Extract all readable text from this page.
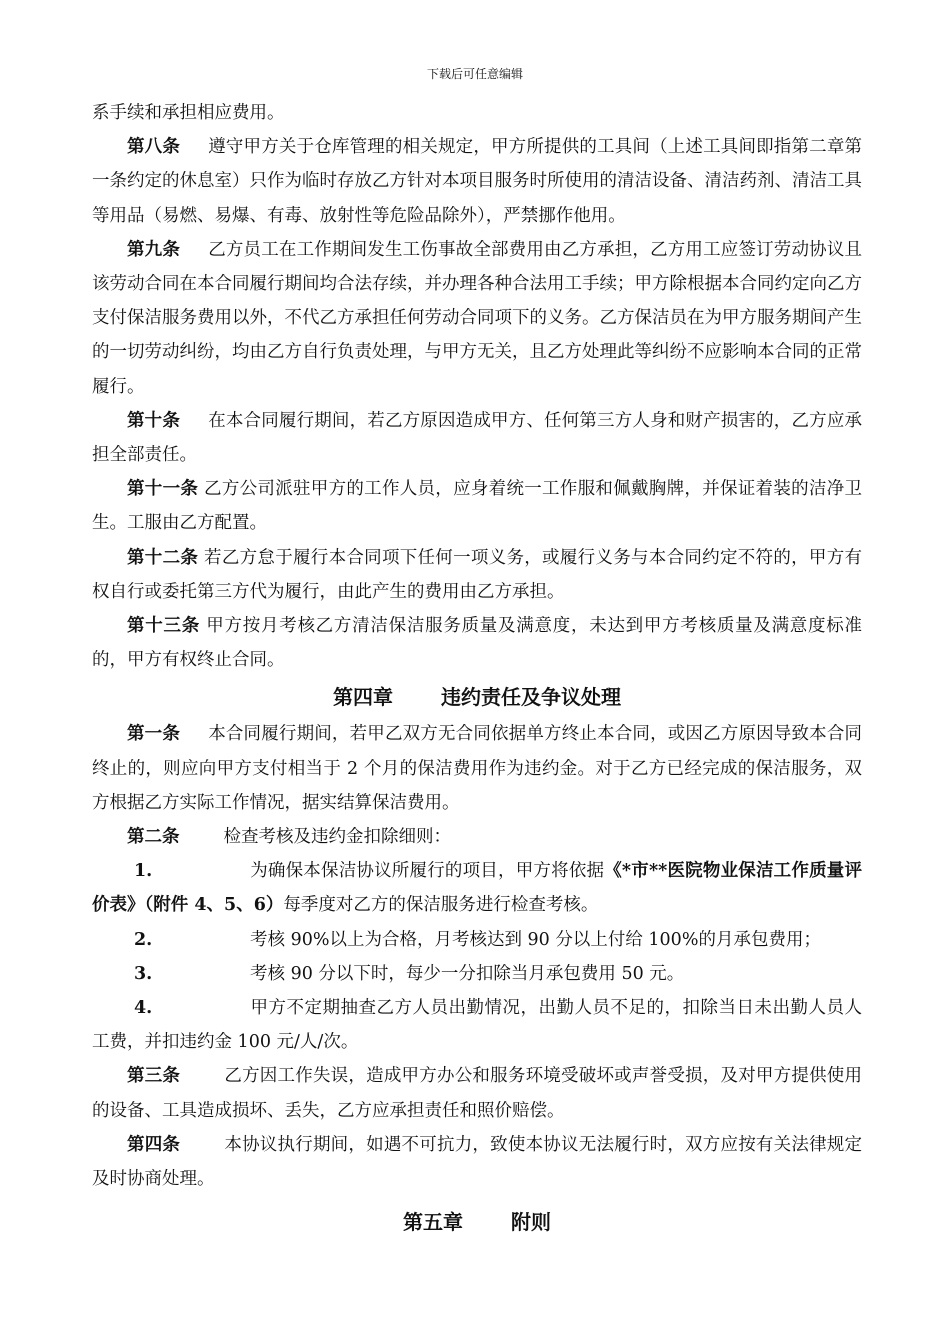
下载后可任意编辑

系手续和承担相应费用。

第八条 遵守甲方关于仓库管理的相关规定，甲方所提供的工具间（上述工具间即指第二章第一条约定的休息室）只作为临时存放乙方针对本项目服务时所使用的清洁设备、清洁药剂、清洁工具等用品（易燃、易爆、有毒、放射性等危险品除外），严禁挪作他用。

第九条 乙方员工在工作期间发生工伤事故全部费用由乙方承担，乙方用工应签订劳动协议且该劳动合同在本合同履行期间均合法存续，并办理各种合法用工手续；甲方除根据本合同约定向乙方支付保洁服务费用以外，不代乙方承担任何劳动合同项下的义务。乙方保洁员在为甲方服务期间产生的一切劳动纠纷，均由乙方自行负责处理，与甲方无关，且乙方处理此等纠纷不应影响本合同的正常履行。

第十条 在本合同履行期间，若乙方原因造成甲方、任何第三方人身和财产损害的，乙方应承担全部责任。

第十一条 乙方公司派驻甲方的工作人员，应身着统一工作服和佩戴胸牌，并保证着装的洁净卫生。工服由乙方配置。

第十二条 若乙方怠于履行本合同项下任何一项义务，或履行义务与本合同约定不符的，甲方有权自行或委托第三方代为履行，由此产生的费用由乙方承担。

第十三条 甲方按月考核乙方清洁保洁服务质量及满意度，未达到甲方考核质量及满意度标准的，甲方有权终止合同。

第四章 违约责任及争议处理

第一条 本合同履行期间，若甲乙双方无合同依据单方终止本合同，或因乙方原因导致本合同终止的，则应向甲方支付相当于 2 个月的保洁费用作为违约金。对于乙方已经完成的保洁服务，双方根据乙方实际工作情况，据实结算保洁费用。

第二条	检查考核及违约金扣除细则：

1.	为确保本保洁协议所履行的项目，甲方将依据《*市**医院物业保洁工作质量评价表》（附件 4、5、6）每季度对乙方的保洁服务进行检查考核。

2.	考核 90%以上为合格，月考核达到 90 分以上付给 100%的月承包费用；

3.	考核 90 分以下时，每少一分扣除当月承包费用 50 元。

4.	甲方不定期抽查乙方人员出勤情况，出勤人员不足的，扣除当日未出勤人员人工费，并扣违约金 100 元/人/次。

第三条	乙方因工作失误，造成甲方办公和服务环境受破坏或声誉受损，及对甲方提供使用的设备、工具造成损坏、丢失，乙方应承担责任和照价赔偿。

第四条	本协议执行期间，如遇不可抗力，致使本协议无法履行时，双方应按有关法律规定及时协商处理。

第五章 附则
